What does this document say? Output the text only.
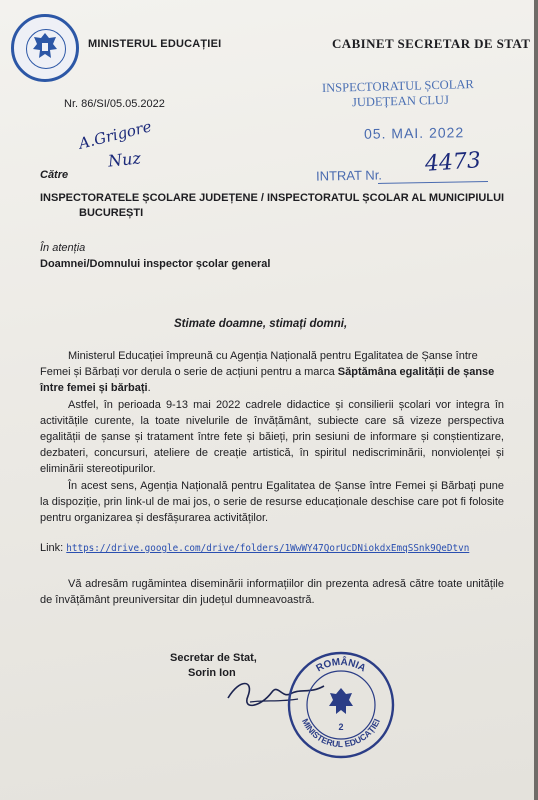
MINISTERUL EDUCAȚIEI	CABINET SECRETAR DE STAT
INSPECTORATUL ȘCOLAR
JUDEȚEAN CLUJ
05. MAI. 2022
INTRAT Nr. 4473
Nr. 86/SI/05.05.2022
A.Grigore
Nuz
Către
INSPECTORATELE ȘCOLARE JUDEȚENE / INSPECTORATUL ȘCOLAR AL MUNICIPIULUI
BUCUREȘTI
În atenția
Doamnei/Domnului inspector școlar general
Stimate doamne, stimați domni,
Ministerul Educației împreună cu Agenția Națională pentru Egalitatea de Șanse între Femei și Bărbați vor derula o serie de acțiuni pentru a marca Săptămâna egalității de șanse între femei și bărbați.
Astfel, în perioada 9-13 mai 2022 cadrele didactice și consilierii școlari vor integra în activitățile curente, la toate nivelurile de învățământ, subiecte care să vizeze perspectiva egalității de șanse și tratament între fete și băieți, prin sesiuni de informare și conștientizare, dezbateri, concursuri, ateliere de creație artistică, în spiritul nediscriminării, nonviolenței și eliminării stereotipurilor.
În acest sens, Agenția Națională pentru Egalitatea de Șanse între Femei și Bărbați pune la dispoziție, prin link-ul de mai jos, o serie de resurse educaționale deschise care pot fi folosite pentru organizarea și desfășurarea activităților.
Link: https://drive.google.com/drive/folders/1WwWY47QorUcDNiokdxEmqSSnk9QeDtvn
Vă adresăm rugămintea diseminării informațiilor din prezenta adresă către toate unitățile de învățământ preuniversitar din județul dumneavoastră.
Secretar de Stat,
Sorin Ion	ROMÂNIA
MINISTERUL EDUCAȚIEI
2
